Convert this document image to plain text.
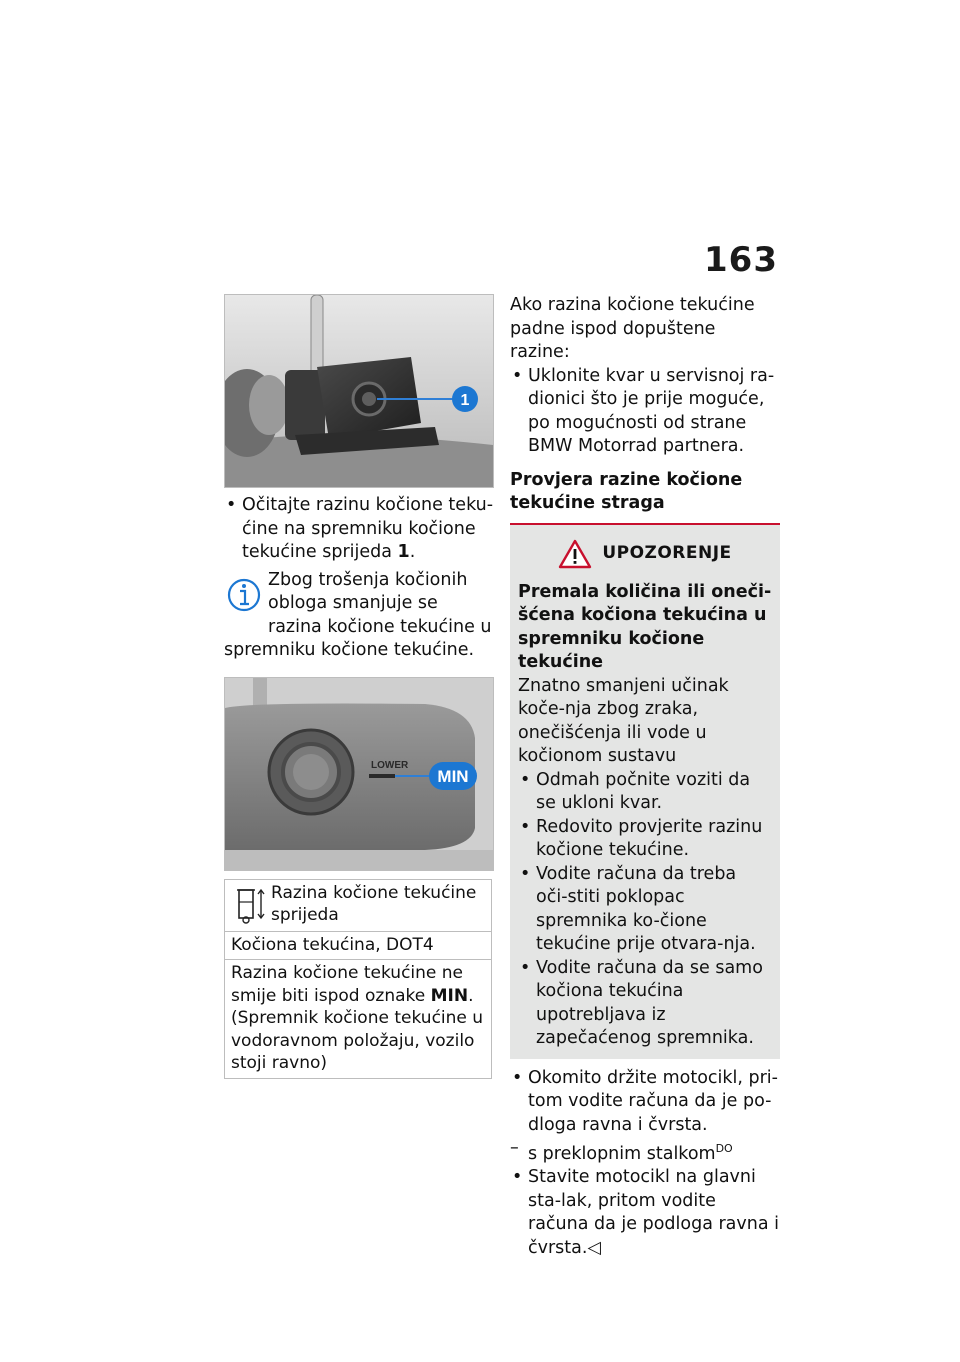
163
1
• Očitajte razinu kočione teku-ćine na spremniku kočione tekućine sprijeda 1.
Zbog trošenja kočionih obloga smanjuje se razina kočione tekućine u spremniku kočione tekućine.
LOWER
MIN
Razina kočione tekućine sprijeda

Kočiona tekućina, DOT4
Razina kočione tekućine ne smije biti ispod oznake MIN. (Spremnik kočione tekućine u vodoravnom položaju, vozilo stoji ravno)
Ako razina kočione tekućine padne ispod dopuštene razine:
• Uklonite kvar u servisnoj ra-dionici što je prije moguće, po mogućnosti od strane BMW Motorrad partnera.
Provjera razine kočione tekućine straga
UPOZORENJE
Premala količina ili oneči-šćena kočiona tekućina u spremniku kočione tekućine
Znatno smanjeni učinak koče-nja zbog zraka, onečišćenja ili vode u kočionom sustavu
• Odmah počnite voziti da se ukloni kvar.
• Redovito provjerite razinu kočione tekućine.
• Vodite računa da treba oči-stiti poklopac spremnika ko-čione tekućine prije otvara-nja.
• Vodite računa da se samo kočiona tekućina upotrebljava iz zapečaćenog spremnika.
• Okomito držite motocikl, pri-tom vodite računa da je po-dloga ravna i čvrsta.
– s preklopnim stalkom$^{DO}$
• Stavite motocikl na glavni sta-lak, pritom vodite računa da je podloga ravna i čvrsta.◁
